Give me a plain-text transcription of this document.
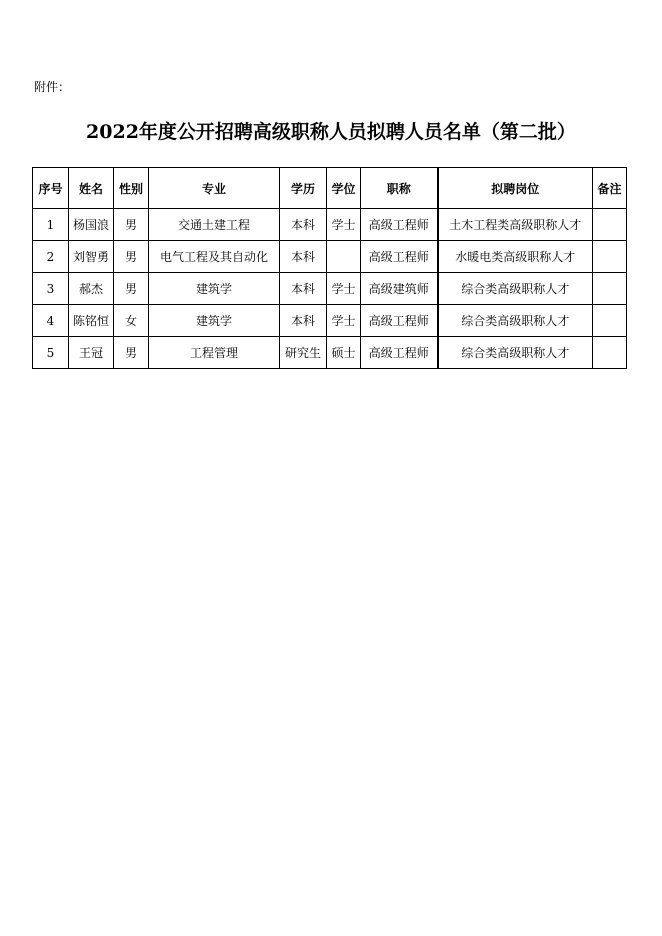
附件：
2022年度公开招聘高级职称人员拟聘人员名单（第二批）
序号	姓名	性别	专业	学历	学位	职称	拟聘岗位	备注
1	杨国浪	男	交通土建工程	本科	学士	高级工程师	土木工程类高级职称人才	
2	刘智勇	男	电气工程及其自动化	本科		高级工程师	水暖电类高级职称人才	
3	郝杰	男	建筑学	本科	学士	高级建筑师	综合类高级职称人才	
4	陈铭恒	女	建筑学	本科	学士	高级工程师	综合类高级职称人才	
5	王冠	男	工程管理	研究生	硕士	高级工程师	综合类高级职称人才	
